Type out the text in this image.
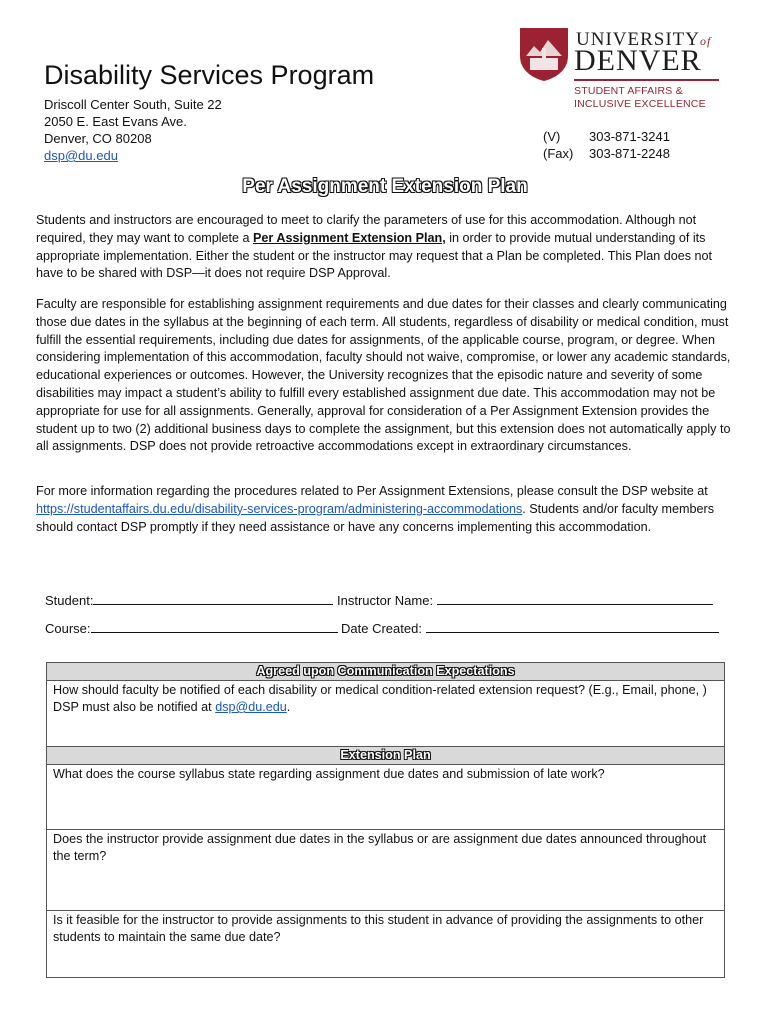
UNIVERSITYof
DENVER
STUDENT AFFAIRS &
INCLUSIVE EXCELLENCE
Disability Services Program
Driscoll Center South, Suite 22
2050 E. East Evans Ave.
Denver, CO 80208
dsp@du.edu
(V) 303-871-3241
(Fax) 303-871-2248
Per Assignment Extension Plan

Students and instructors are encouraged to meet to clarify the parameters of use for this accommodation. Although not required, they may want to complete a Per Assignment Extension Plan, in order to provide mutual understanding of its appropriate implementation. Either the student or the instructor may request that a Plan be completed. This Plan does not have to be shared with DSP—it does not require DSP Approval.

Faculty are responsible for establishing assignment requirements and due dates for their classes and clearly communicating those due dates in the syllabus at the beginning of each term. All students, regardless of disability or medical condition, must fulfill the essential requirements, including due dates for assignments, of the applicable course, program, or degree. When considering implementation of this accommodation, faculty should not waive, compromise, or lower any academic standards, educational experiences or outcomes. However, the University recognizes that the episodic nature and severity of some disabilities may impact a student’s ability to fulfill every established assignment due date. This accommodation may not be appropriate for use for all assignments. Generally, approval for consideration of a Per Assignment Extension provides the student up to two (2) additional business days to complete the assignment, but this extension does not automatically apply to all assignments. DSP does not provide retroactive accommodations except in extraordinary circumstances.

For more information regarding the procedures related to Per Assignment Extensions, please consult the DSP website at https://studentaffairs.du.edu/disability-services-program/administering-accommodations. Students and/or faculty members should contact DSP promptly if they need assistance or have any concerns implementing this accommodation.

Student:	Instructor Name:
Course:	Date Created:
Agreed upon Communication Expectations
How should faculty be notified of each disability or medical condition-related extension request? (E.g., Email, phone, ) DSP must also be notified at dsp@du.edu.
Extension Plan
What does the course syllabus state regarding assignment due dates and submission of late work?
Does the instructor provide assignment due dates in the syllabus or are assignment due dates announced throughout the term?
Is it feasible for the instructor to provide assignments to this student in advance of providing the assignments to other students to maintain the same due date?
